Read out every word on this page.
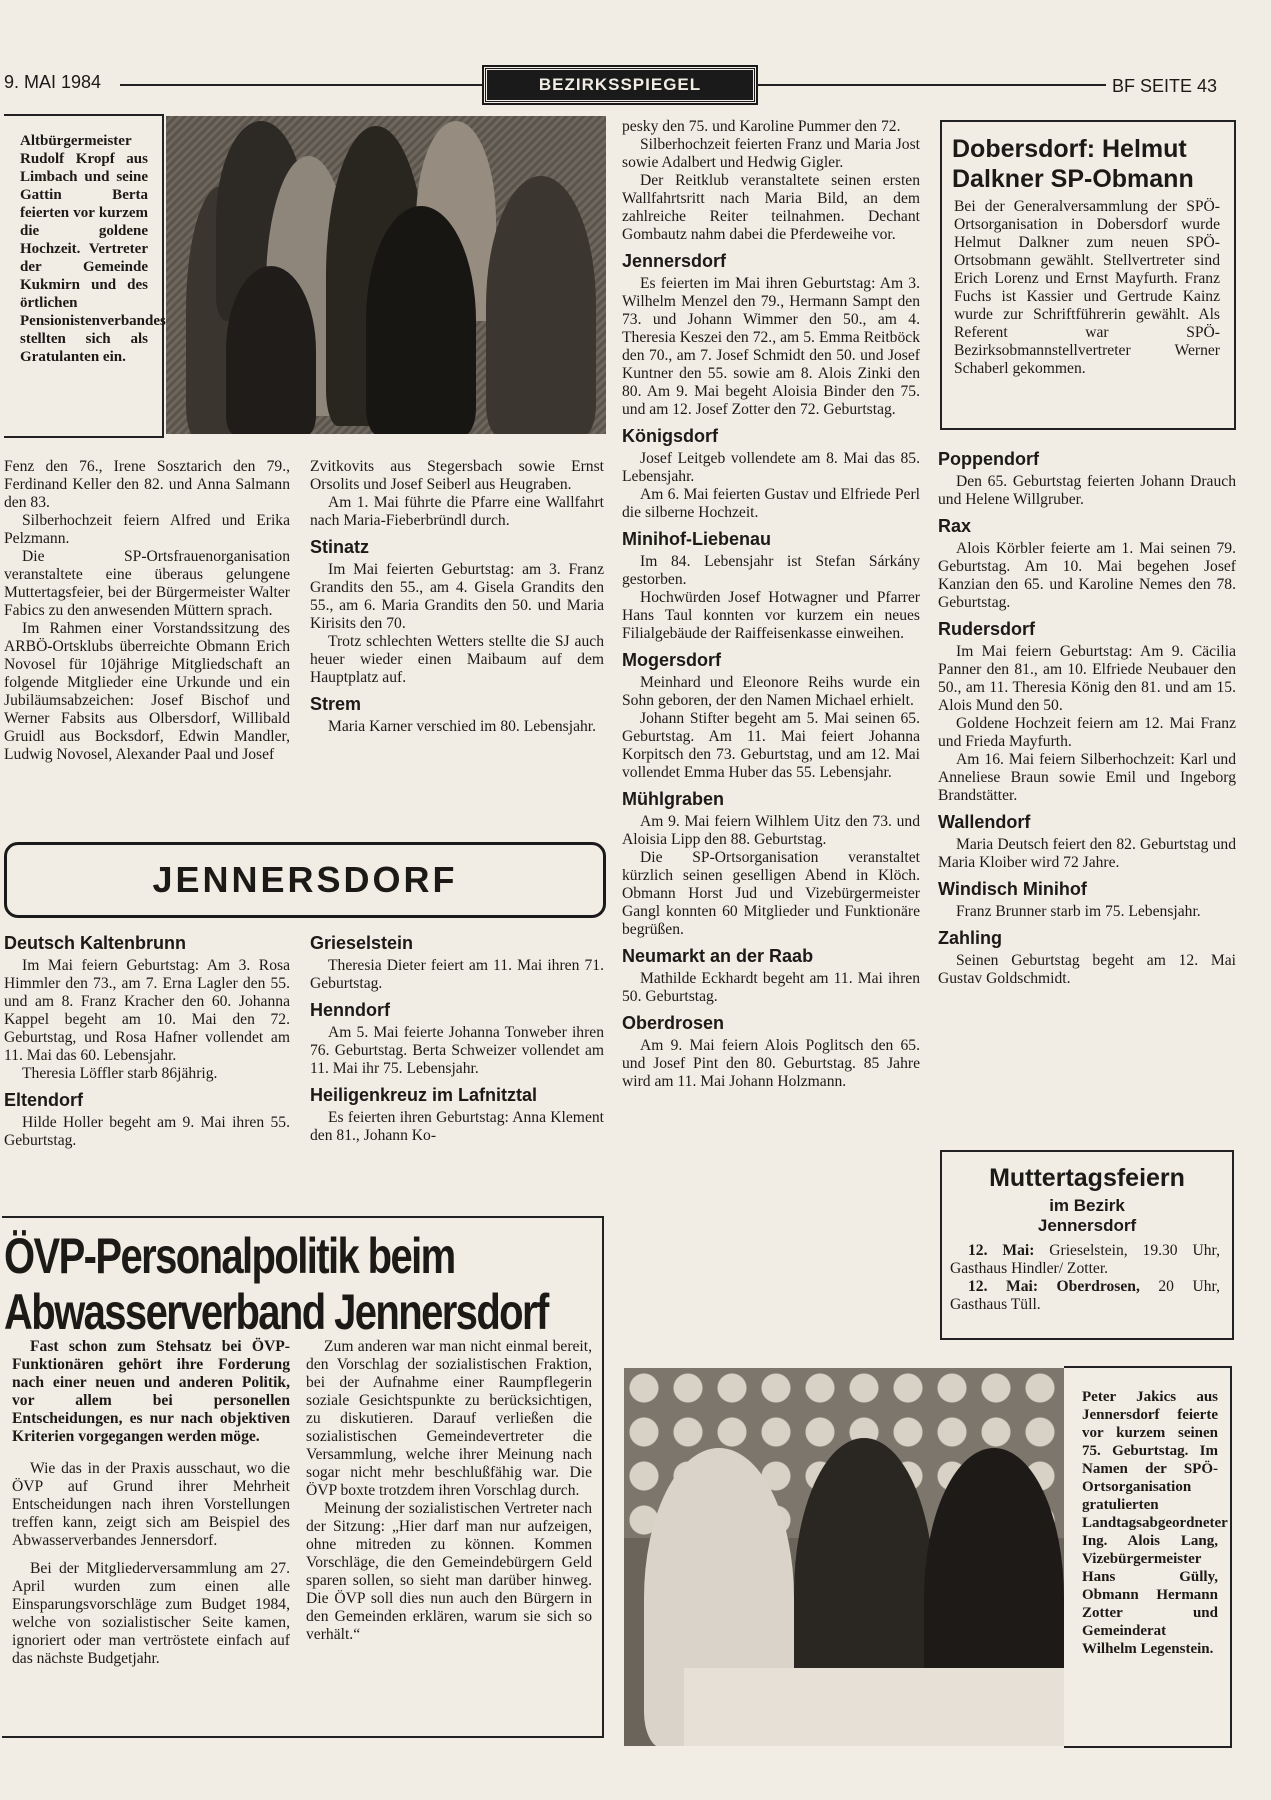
9. MAI 1984	BEZIRKSSPIEGEL	BF SEITE 43
Altbürgermeister Rudolf Kropf aus Limbach und seine Gattin Berta feierten vor kurzem die goldene Hochzeit. Vertreter der Gemeinde Kukmirn und des örtlichen Pensionistenverbandes stellten sich als Gratulanten ein.

Fenz den 76., Irene Sosztarich den 79., Ferdinand Keller den 82. und Anna Salmann den 83.

Silberhochzeit feiern Alfred und Erika Pelzmann.

Die SP-Ortsfrauenorganisation veranstaltete eine überaus gelungene Muttertagsfeier, bei der Bürgermeister Walter Fabics zu den anwesenden Müttern sprach.

Im Rahmen einer Vorstandssitzung des ARBÖ-Ortsklubs überreichte Obmann Erich Novosel für 10jährige Mitgliedschaft an folgende Mitglieder eine Urkunde und ein Jubiläumsabzeichen: Josef Bischof und Werner Fabsits aus Olbersdorf, Willibald Gruidl aus Bocksdorf, Edwin Mandler, Ludwig Novosel, Alexander Paal und Josef

Zvitkovits aus Stegersbach sowie Ernst Orsolits und Josef Seiberl aus Heugraben.

Am 1. Mai führte die Pfarre eine Wallfahrt nach Maria-Fieberbründl durch.

Stinatz

Im Mai feierten Geburtstag: am 3. Franz Grandits den 55., am 4. Gisela Grandits den 55., am 6. Maria Grandits den 50. und Maria Kirisits den 70.

Trotz schlechten Wetters stellte die SJ auch heuer wieder einen Maibaum auf dem Hauptplatz auf.

Strem

Maria Karner verschied im 80. Lebensjahr.

pesky den 75. und Karoline Pummer den 72.

Silberhochzeit feierten Franz und Maria Jost sowie Adalbert und Hedwig Gigler.

Der Reitklub veranstaltete seinen ersten Wallfahrtsritt nach Maria Bild, an dem zahlreiche Reiter teilnahmen. Dechant Gombautz nahm dabei die Pferdeweihe vor.

Jennersdorf

Es feierten im Mai ihren Geburtstag: Am 3. Wilhelm Menzel den 79., Hermann Sampt den 73. und Johann Wimmer den 50., am 4. Theresia Keszei den 72., am 5. Emma Reitböck den 70., am 7. Josef Schmidt den 50. und Josef Kuntner den 55. sowie am 8. Alois Zinki den 80. Am 9. Mai begeht Aloisia Binder den 75. und am 12. Josef Zotter den 72. Geburtstag.

Königsdorf

Josef Leitgeb vollendete am 8. Mai das 85. Lebensjahr.

Am 6. Mai feierten Gustav und Elfriede Perl die silberne Hochzeit.

Minihof-Liebenau

Im 84. Lebensjahr ist Stefan Sárkány gestorben.

Hochwürden Josef Hotwagner und Pfarrer Hans Taul konnten vor kurzem ein neues Filialgebäude der Raiffeisenkasse einweihen.

Mogersdorf

Meinhard und Eleonore Reihs wurde ein Sohn geboren, der den Namen Michael erhielt.

Johann Stifter begeht am 5. Mai seinen 65. Geburtstag. Am 11. Mai feiert Johanna Korpitsch den 73. Geburtstag, und am 12. Mai vollendet Emma Huber das 55. Lebensjahr.

Mühlgraben

Am 9. Mai feiern Wilhlem Uitz den 73. und Aloisia Lipp den 88. Geburtstag.

Die SP-Ortsorganisation veranstaltet kürzlich seinen geselligen Abend in Klöch. Obmann Horst Jud und Vizebürgermeister Gangl konnten 60 Mitglieder und Funktionäre begrüßen.

Neumarkt an der Raab

Mathilde Eckhardt begeht am 11. Mai ihren 50. Geburtstag.

Oberdrosen

Am 9. Mai feiern Alois Poglitsch den 65. und Josef Pint den 80. Geburtstag. 85 Jahre wird am 11. Mai Johann Holzmann.

Dobersdorf: Helmut Dalkner SP-Obmann
Bei der Generalversammlung der SPÖ-Ortsorganisation in Dobersdorf wurde Helmut Dalkner zum neuen SPÖ-Ortsobmann gewählt. Stellvertreter sind Erich Lorenz und Ernst Mayfurth. Franz Fuchs ist Kassier und Gertrude Kainz wurde zur Schriftführerin gewählt. Als Referent war SPÖ-Bezirksobmannstellvertreter Werner Schaberl gekommen.
Poppendorf

Den 65. Geburtstag feierten Johann Drauch und Helene Willgruber.

Rax

Alois Körbler feierte am 1. Mai seinen 79. Geburtstag. Am 10. Mai begehen Josef Kanzian den 65. und Karoline Nemes den 78. Geburtstag.

Rudersdorf

Im Mai feiern Geburtstag: Am 9. Cäcilia Panner den 81., am 10. Elfriede Neubauer den 50., am 11. Theresia König den 81. und am 15. Alois Mund den 50.

Goldene Hochzeit feiern am 12. Mai Franz und Frieda Mayfurth.

Am 16. Mai feiern Silberhochzeit: Karl und Anneliese Braun sowie Emil und Ingeborg Brandstätter.

Wallendorf

Maria Deutsch feiert den 82. Geburtstag und Maria Kloiber wird 72 Jahre.

Windisch Minihof

Franz Brunner starb im 75. Lebensjahr.

Zahling

Seinen Geburtstag begeht am 12. Mai Gustav Goldschmidt.

JENNERSDORF
Deutsch Kaltenbrunn

Im Mai feiern Geburtstag: Am 3. Rosa Himmler den 73., am 7. Erna Lagler den 55. und am 8. Franz Kracher den 60. Johanna Kappel begeht am 10. Mai den 72. Geburtstag, und Rosa Hafner vollendet am 11. Mai das 60. Lebensjahr.

Theresia Löffler starb 86jährig.

Eltendorf

Hilde Holler begeht am 9. Mai ihren 55. Geburtstag.

Grieselstein

Theresia Dieter feiert am 11. Mai ihren 71. Geburtstag.

Henndorf

Am 5. Mai feierte Johanna Tonweber ihren 76. Geburtstag. Berta Schweizer vollendet am 11. Mai ihr 75. Lebensjahr.

Heiligenkreuz im Lafnitztal

Es feierten ihren Geburtstag: Anna Klement den 81., Johann Ko-

ÖVP-Personalpolitik beim
Abwasserverband Jennersdorf

Fast schon zum Stehsatz bei ÖVP-Funktionären gehört ihre Forderung nach einer neuen und anderen Politik, vor allem bei personellen Entscheidungen, es nur nach objektiven Kriterien vorgegangen werden möge.

Wie das in der Praxis ausschaut, wo die ÖVP auf Grund ihrer Mehrheit Entscheidungen nach ihren Vorstellungen treffen kann, zeigt sich am Beispiel des Abwasserverbandes Jennersdorf.

Bei der Mitgliederversammlung am 27. April wurden zum einen alle Einsparungsvorschläge zum Budget 1984, welche von sozialistischer Seite kamen, ignoriert oder man vertröstete einfach auf das nächste Budgetjahr.

Zum anderen war man nicht einmal bereit, den Vorschlag der sozialistischen Fraktion, bei der Aufnahme einer Raumpflegerin soziale Gesichtspunkte zu berücksichtigen, zu diskutieren. Darauf verließen die sozialistischen Gemeindevertreter die Versammlung, welche ihrer Meinung nach sogar nicht mehr beschlußfähig war. Die ÖVP boxte trotzdem ihren Vorschlag durch.

Meinung der sozialistischen Vertreter nach der Sitzung: „Hier darf man nur aufzeigen, ohne mitreden zu können. Kommen Vorschläge, die den Gemeindebürgern Geld sparen sollen, so sieht man darüber hinweg. Die ÖVP soll dies nun auch den Bürgern in den Gemeinden erklären, warum sie sich so verhält.“

Muttertagsfeiern
im Bezirk
Jennersdorf

12. Mai: Grieselstein, 19.30 Uhr, Gasthaus Hindler/ Zotter.

12. Mai: Oberdrosen, 20 Uhr, Gasthaus Tüll.

Peter Jakics aus Jennersdorf feierte vor kurzem seinen 75. Geburtstag. Im Namen der SPÖ-Ortsorganisation gratulierten Landtagsabgeordneter Ing. Alois Lang, Vizebürgermeister Hans Gülly, Obmann Hermann Zotter und Gemeinderat Wilhelm Legenstein.
